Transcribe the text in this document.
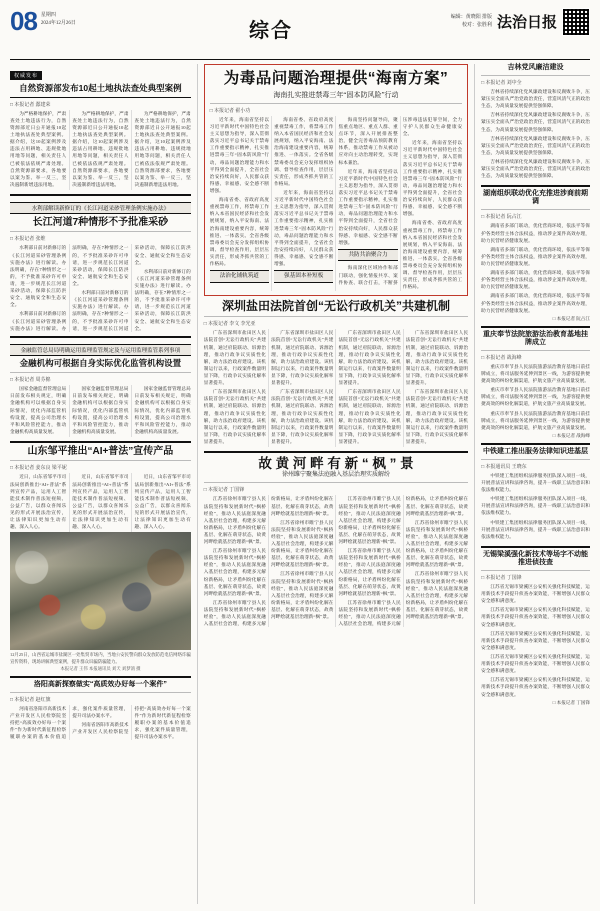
08 星期四
2024年12月26日	综合
编辑：黄晓阳 排版
校对：张胜利 法治日报
权威发布
自然资源部发布10起土地执法查处典型案例
□ 本报记者 郄建荣

为严格耕地保护，严肃查处土地违法行为，自然资源部近日公开通报10起土地执法查处典型案例。据介绍，这10起案例涉及违法占用耕地、违规批地用地等问题，相关责任人已被依法依规严肃处理。自然资源部要求，各地要以案为鉴、举一反三，坚决遏制新增违法用地。

为严格耕地保护，严肃查处土地违法行为，自然资源部近日公开通报10起土地执法查处典型案例。据介绍，这10起案例涉及违法占用耕地、违规批地用地等问题，相关责任人已被依法依规严肃处理。自然资源部要求，各地要以案为鉴、举一反三，坚决遏制新增违法用地。

为严格耕地保护，严肃查处土地违法行为，自然资源部近日公开通报10起土地执法查处典型案例。据介绍，这10起案例涉及违法占用耕地、违规批地用地等问题，相关责任人已被依法依规严肃处理。自然资源部要求，各地要以案为鉴、举一反三，坚决遏制新增违法用地。

水利部解读新修订的《长江河道采砂管理条例实施办法》
长江河道7种情形不予批准采砂
□ 本报记者 张维

水利部日前对新修订的《长江河道采砂管理条例实施办法》进行解读。办法明确，存在7种情形之一的，不予批准采砂许可申请，进一步规范长江河道采砂活动，保障长江防洪安全、通航安全和生态安全。

水利部日前对新修订的《长江河道采砂管理条例实施办法》进行解读。办法明确，存在7种情形之一的，不予批准采砂许可申请，进一步规范长江河道采砂活动，保障长江防洪安全、通航安全和生态安全。

水利部日前对新修订的《长江河道采砂管理条例实施办法》进行解读。办法明确，存在7种情形之一的，不予批准采砂许可申请，进一步规范长江河道采砂活动，保障长江防洪安全、通航安全和生态安全。

水利部日前对新修订的《长江河道采砂管理条例实施办法》进行解读。办法明确，存在7种情形之一的，不予批准采砂许可申请，进一步规范长江河道采砂活动，保障长江防洪安全、通航安全和生态安全。

金融监管总局局明确运用监理监管规定及与运用监理监管系列事项
金融机构可根据自身实际优化监管机构设置
□ 本报记者 周芬棉

国家金融监督管理总局日前发布相关规定，明确金融机构可以根据自身实际情况，优化内部监管机构设置，提高公司治理水平和风险管控能力，推动金融机构高质量发展。

国家金融监督管理总局日前发布相关规定，明确金融机构可以根据自身实际情况，优化内部监管机构设置，提高公司治理水平和风险管控能力，推动金融机构高质量发展。

国家金融监督管理总局日前发布相关规定，明确金融机构可以根据自身实际情况，优化内部监管机构设置，提高公司治理水平和风险管控能力，推动金融机构高质量发展。

山东邹平推出“AI+普法”宣传产品
□ 本报记者 姜东良 梁平妮

近日，山东省邹平市司法局创新推出“AI+普法”系列宣传产品，运用人工智能技术制作普法短视频、公益广告，以群众喜闻乐见的形式开展法治宣传，让法律知识更加生动有趣、深入人心。

近日，山东省邹平市司法局创新推出“AI+普法”系列宣传产品，运用人工智能技术制作普法短视频、公益广告，以群众喜闻乐见的形式开展法治宣传，让法律知识更加生动有趣、深入人心。

近日，山东省邹平市司法局创新推出“AI+普法”系列宣传产品，运用人工智能技术制作普法短视频、公益广告，以群众喜闻乐见的形式开展法治宣传，让法律知识更加生动有趣、深入人心。

12月25日，山西省运城市盐湖区一处集贸市场内，当地公安民警向群众发放防范电信网络诈骗宣传资料，现场讲解典型案例，提升群众识骗防骗能力。
本报记者 王伟 本报通讯员 刘天 刘梦鸽 摄
洛阳高新探察做实“高质效办好每一个案件”
□ 本报记者 赵红旗

河南省洛阳市高新技术产业开发区人民检察院坚持把“高质效办好每一个案件”作为新时代新征程检察履职办案的基本价值追求，强化案件质量管理，提升司法办案水平。

河南省洛阳市高新技术产业开发区人民检察院坚持把“高质效办好每一个案件”作为新时代新征程检察履职办案的基本价值追求，强化案件质量管理，提升司法办案水平。

为毒品问题治理提供“海南方案”
海南扎实推进禁毒三年“固本防风险”行动
□ 本报记者 翟小功

近年来，海南省坚持以习近平新时代中国特色社会主义思想为指导，深入贯彻落实习近平总书记关于禁毒工作重要指示精神，扎实推进禁毒三年“固本防风险”行动，毒品问题治理能力和水平得到全面提升，全省社会治安持续向好，人民群众获得感、幸福感、安全感不断增强。

海南省委、省政府高度重视禁毒工作，将禁毒工作纳入本省国民经济和社会发展规划，纳入平安海南、法治海南建设重要内容，统筹推进、一体落实。全省各级禁毒委员会充分发挥组织协调、督导检查作用，层层压实责任，形成齐抓共管的工作格局。

法治化铺轨筑道

海南省委、省政府高度重视禁毒工作，将禁毒工作纳入本省国民经济和社会发展规划，纳入平安海南、法治海南建设重要内容，统筹推进、一体落实。全省各级禁毒委员会充分发挥组织协调、督导检查作用，层层压实责任，形成齐抓共管的工作格局。

近年来，海南省坚持以习近平新时代中国特色社会主义思想为指导，深入贯彻落实习近平总书记关于禁毒工作重要指示精神，扎实推进禁毒三年“固本防风险”行动，毒品问题治理能力和水平得到全面提升，全省社会治安持续向好，人民群众获得感、幸福感、安全感不断增强。

强基固本补短板

海南坚持问题导向，聚焦重点地区、重点人群、重点环节，深入开展排查整治，健全完善毒品预防教育体系，推动禁毒工作从被动应对向主动治理转变，实现标本兼治。

近年来，海南省坚持以习近平新时代中国特色社会主义思想为指导，深入贯彻落实习近平总书记关于禁毒工作重要指示精神，扎实推进禁毒三年“固本防风险”行动，毒品问题治理能力和水平得到全面提升，全省社会治安持续向好，人民群众获得感、幸福感、安全感不断增强。

共防共治聚合力

海南深化区域协作和部门联动，强化情报共享、案件协查、联合打击，不断挤压涉毒违法犯罪空间，全力守护人民群众生命健康安全。

近年来，海南省坚持以习近平新时代中国特色社会主义思想为指导，深入贯彻落实习近平总书记关于禁毒工作重要指示精神，扎实推进禁毒三年“固本防风险”行动，毒品问题治理能力和水平得到全面提升，全省社会治安持续向好，人民群众获得感、幸福感、安全感不断增强。

海南省委、省政府高度重视禁毒工作，将禁毒工作纳入本省国民经济和社会发展规划，纳入平安海南、法治海南建设重要内容，统筹推进、一体落实。全省各级禁毒委员会充分发挥组织协调、督导检查作用，层层压实责任，形成齐抓共管的工作格局。

深圳盐田法院首创“无讼行政机关”共建机制
□ 本报记者 李文 李光亚

广东省深圳市盐田区人民法院首创“无讼行政机关”共建机制，通过府院联动、诉源治理，推动行政争议实质性化解，助力法治政府建设。该机制运行以来，行政案件数量明显下降，行政争议实质化解率显著提升。

广东省深圳市盐田区人民法院首创“无讼行政机关”共建机制，通过府院联动、诉源治理，推动行政争议实质性化解，助力法治政府建设。该机制运行以来，行政案件数量明显下降，行政争议实质化解率显著提升。

广东省深圳市盐田区人民法院首创“无讼行政机关”共建机制，通过府院联动、诉源治理，推动行政争议实质性化解，助力法治政府建设。该机制运行以来，行政案件数量明显下降，行政争议实质化解率显著提升。

广东省深圳市盐田区人民法院首创“无讼行政机关”共建机制，通过府院联动、诉源治理，推动行政争议实质性化解，助力法治政府建设。该机制运行以来，行政案件数量明显下降，行政争议实质化解率显著提升。

广东省深圳市盐田区人民法院首创“无讼行政机关”共建机制，通过府院联动、诉源治理，推动行政争议实质性化解，助力法治政府建设。该机制运行以来，行政案件数量明显下降，行政争议实质化解率显著提升。

广东省深圳市盐田区人民法院首创“无讼行政机关”共建机制，通过府院联动、诉源治理，推动行政争议实质性化解，助力法治政府建设。该机制运行以来，行政案件数量明显下降，行政争议实质化解率显著提升。

广东省深圳市盐田区人民法院首创“无讼行政机关”共建机制，通过府院联动、诉源治理，推动行政争议实质性化解，助力法治政府建设。该机制运行以来，行政案件数量明显下降，行政争议实质化解率显著提升。

广东省深圳市盐田区人民法院首创“无讼行政机关”共建机制，通过府院联动、诉源治理，推动行政争议实质性化解，助力法治政府建设。该机制运行以来，行政案件数量明显下降，行政争议实质化解率显著提升。

故 黄 河 畔 有 新 “ 枫 ” 景
徐州雎宁聚集法庭融入基层治理实质解纷
□ 本报记者 丁国锋

江苏省徐州市睢宁县人民法院坚持和发展新时代“枫桥经验”，推动人民法庭深度融入基层社会治理，构建多元解纷新格局，让矛盾纠纷化解在基层、化解在萌芽状态，故黄河畔绘就基层治理新“枫”景。

江苏省徐州市睢宁县人民法院坚持和发展新时代“枫桥经验”，推动人民法庭深度融入基层社会治理，构建多元解纷新格局，让矛盾纠纷化解在基层、化解在萌芽状态，故黄河畔绘就基层治理新“枫”景。

江苏省徐州市睢宁县人民法院坚持和发展新时代“枫桥经验”，推动人民法庭深度融入基层社会治理，构建多元解纷新格局，让矛盾纠纷化解在基层、化解在萌芽状态，故黄河畔绘就基层治理新“枫”景。

江苏省徐州市睢宁县人民法院坚持和发展新时代“枫桥经验”，推动人民法庭深度融入基层社会治理，构建多元解纷新格局，让矛盾纠纷化解在基层、化解在萌芽状态，故黄河畔绘就基层治理新“枫”景。

江苏省徐州市睢宁县人民法院坚持和发展新时代“枫桥经验”，推动人民法庭深度融入基层社会治理，构建多元解纷新格局，让矛盾纠纷化解在基层、化解在萌芽状态，故黄河畔绘就基层治理新“枫”景。

江苏省徐州市睢宁县人民法院坚持和发展新时代“枫桥经验”，推动人民法庭深度融入基层社会治理，构建多元解纷新格局，让矛盾纠纷化解在基层、化解在萌芽状态，故黄河畔绘就基层治理新“枫”景。

江苏省徐州市睢宁县人民法院坚持和发展新时代“枫桥经验”，推动人民法庭深度融入基层社会治理，构建多元解纷新格局，让矛盾纠纷化解在基层、化解在萌芽状态，故黄河畔绘就基层治理新“枫”景。

江苏省徐州市睢宁县人民法院坚持和发展新时代“枫桥经验”，推动人民法庭深度融入基层社会治理，构建多元解纷新格局，让矛盾纠纷化解在基层、化解在萌芽状态，故黄河畔绘就基层治理新“枫”景。

江苏省徐州市睢宁县人民法院坚持和发展新时代“枫桥经验”，推动人民法庭深度融入基层社会治理，构建多元解纷新格局，让矛盾纠纷化解在基层、化解在萌芽状态，故黄河畔绘就基层治理新“枫”景。

江苏省徐州市睢宁县人民法院坚持和发展新时代“枫桥经验”，推动人民法庭深度融入基层社会治理，构建多元解纷新格局，让矛盾纠纷化解在基层、化解在萌芽状态，故黄河畔绘就基层治理新“枫”景。

吉林党风廉洁建设
□ 本报记者 刘中全

吉林省持续深化党风廉政建设和反腐败斗争，压紧压实全面从严治党政治责任，营造风清气正的政治生态，为高质量发展提供坚强保障。

吉林省持续深化党风廉政建设和反腐败斗争，压紧压实全面从严治党政治责任，营造风清气正的政治生态，为高质量发展提供坚强保障。

吉林省持续深化党风廉政建设和反腐败斗争，压紧压实全面从严治党政治责任，营造风清气正的政治生态，为高质量发展提供坚强保障。

吉林省持续深化党风廉政建设和反腐败斗争，压紧压实全面从严治党政治责任，营造风清气正的政治生态，为高质量发展提供坚强保障。

湖南组织联动优化充推进涉商前期调
□ 本报记者 阮占江

湖南省多部门联动，优化营商环境，依法平等保护各类经营主体合法权益，推动涉企案件高效办理，助力民营经济健康发展。

湖南省多部门联动，优化营商环境，依法平等保护各类经营主体合法权益，推动涉企案件高效办理，助力民营经济健康发展。

湖南省多部门联动，优化营商环境，依法平等保护各类经营主体合法权益，推动涉企案件高效办理，助力民营经济健康发展。

湖南省多部门联动，优化营商环境，依法平等保护各类经营主体合法权益，推动涉企案件高效办理，助力民营经济健康发展。

□ 本报记者 阮占江
重庆奉节法院旅游法治教育基地挂牌成立
□ 本报记者 战海峰

重庆市奉节县人民法院旅游法治教育基地日前挂牌成立，将司法服务延伸到景区一线，为游客提供便捷高效的纠纷化解渠道，护航文旅产业高质量发展。

重庆市奉节县人民法院旅游法治教育基地日前挂牌成立，将司法服务延伸到景区一线，为游客提供便捷高效的纠纷化解渠道，护航文旅产业高质量发展。

重庆市奉节县人民法院旅游法治教育基地日前挂牌成立，将司法服务延伸到景区一线，为游客提供便捷高效的纠纷化解渠道，护航文旅产业高质量发展。

□ 本报记者 战海峰
中铁建工推出服务法律知识进基层
□ 本报通讯员 王晓东

中铁建工集团组织法律服务团队深入项目一线，开展普法宣讲和法律咨询，提升一线职工法治意识和依法维权能力。

中铁建工集团组织法律服务团队深入项目一线，开展普法宣讲和法律咨询，提升一线职工法治意识和依法维权能力。

中铁建工集团组织法律服务团队深入项目一线，开展普法宣讲和法律咨询，提升一线职工法治意识和依法维权能力。

无锡梁溪强化新技术等场字不动能推进侦技查
□ 本报记者 丁国锋

江苏省无锡市梁溪区公安机关强化科技赋能，运用新技术手段提升侦查办案效能，不断增强人民群众安全感和满意度。

江苏省无锡市梁溪区公安机关强化科技赋能，运用新技术手段提升侦查办案效能，不断增强人民群众安全感和满意度。

江苏省无锡市梁溪区公安机关强化科技赋能，运用新技术手段提升侦查办案效能，不断增强人民群众安全感和满意度。

江苏省无锡市梁溪区公安机关强化科技赋能，运用新技术手段提升侦查办案效能，不断增强人民群众安全感和满意度。

江苏省无锡市梁溪区公安机关强化科技赋能，运用新技术手段提升侦查办案效能，不断增强人民群众安全感和满意度。

□ 本报记者 丁国锋
